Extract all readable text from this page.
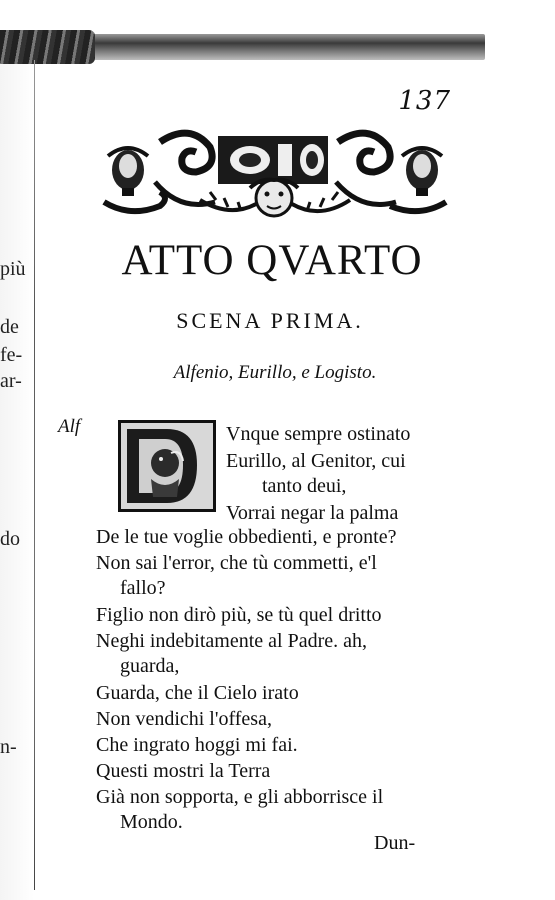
più
de
fe-
ar-
do
n-
137
ATTO QVARTO
SCENA PRIMA.
Alfenio, Eurillo, e Logisto.
Alf	Vnque sempre ostinato
Eurillo, al Genitor, cui
tanto deui,
Vorrai negar la palma
De le tue voglie obbedienti, e pronte?
Non sai l'error, che tù commetti, e'l
fallo?
Figlio non dirò più, se tù quel dritto
Neghi indebitamente al Padre. ah,
guarda,
Guarda, che il Cielo irato
Non vendichi l'offesa,
Che ingrato hoggi mi fai.
Questi mostri la Terra
Già non sopporta, e gli abborrisce il
Mondo.
Dun-
